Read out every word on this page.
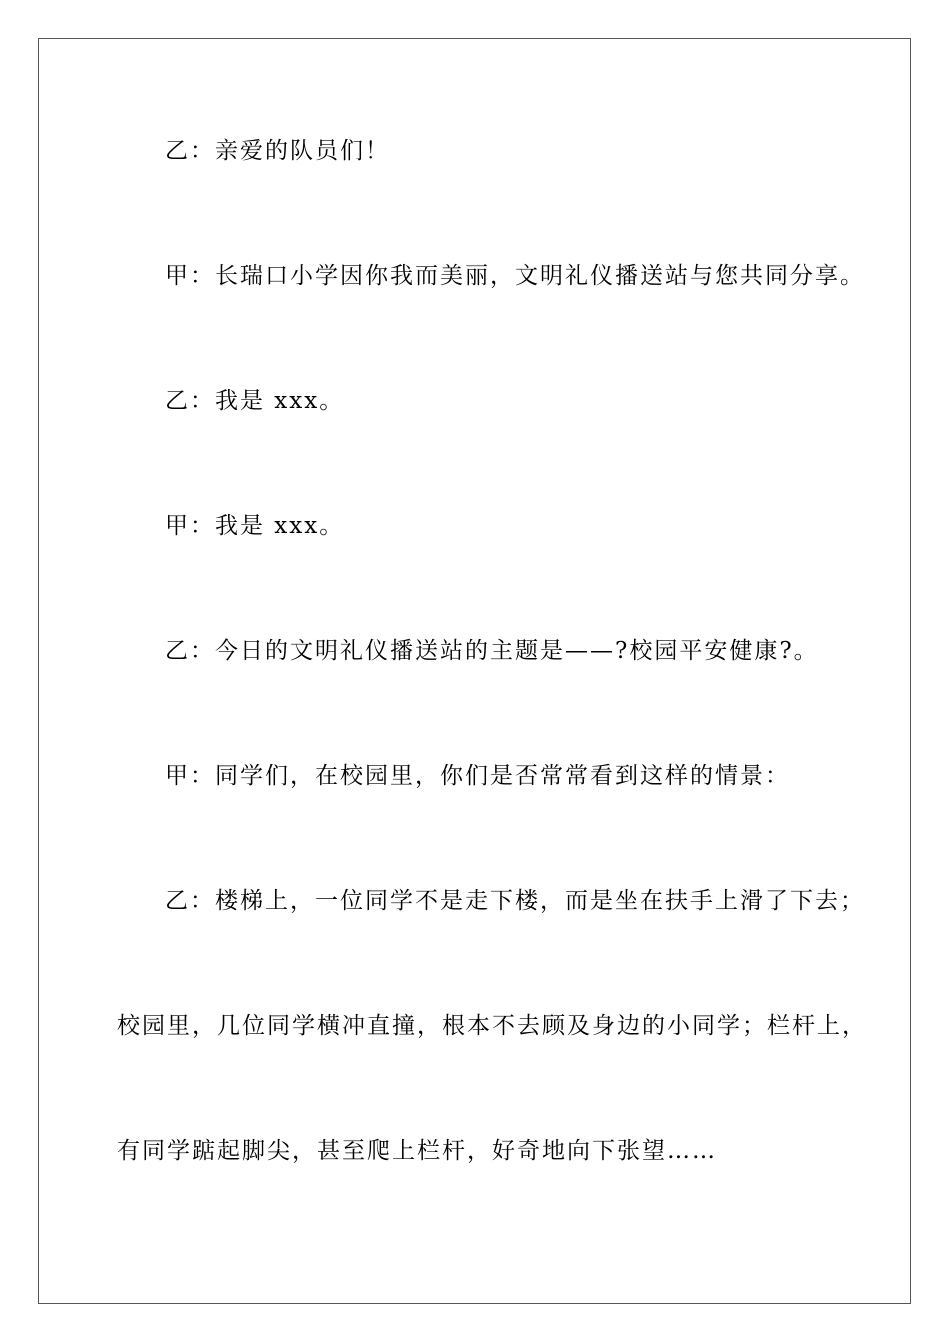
乙：亲爱的队员们！
甲：长瑞口小学因你我而美丽，文明礼仪播送站与您共同分享。
乙：我是 xxx。
甲：我是 xxx。
乙：今日的文明礼仪播送站的主题是——?校园平安健康?。
甲：同学们，在校园里，你们是否常常看到这样的情景：
乙：楼梯上，一位同学不是走下楼，而是坐在扶手上滑了下去；
校园里，几位同学横冲直撞，根本不去顾及身边的小同学；栏杆上，
有同学踮起脚尖，甚至爬上栏杆，好奇地向下张望……
